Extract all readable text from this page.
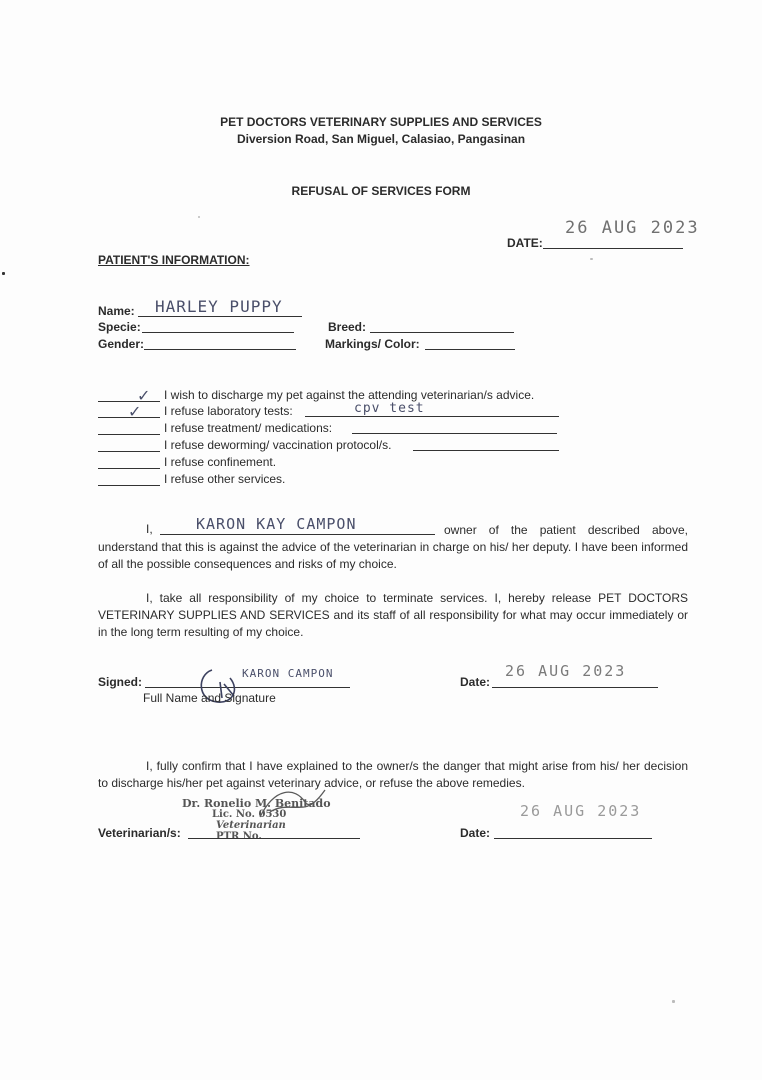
PET DOCTORS VETERINARY SUPPLIES AND SERVICES
Diversion Road, San Miguel, Calasiao, Pangasinan
REFUSAL OF SERVICES FORM
26 AUG 2023
DATE:
PATIENT'S INFORMATION:
Name: HARLEY PUPPY
Specie:	Breed:
Gender:	Markings/ Color:
✓ I wish to discharge my pet against the attending veterinarian/s advice.
✓ I refuse laboratory tests:	cpv test
I refuse treatment/ medications:
I refuse deworming/ vaccination protocol/s.
I refuse confinement.
I refuse other services.
I,	KARON KAY CAMPON	owner of the patient described above, understand that this is against the advice of the veterinarian in charge on his/ her deputy. I have been informed of all the possible consequences and risks of my choice.
I, take all responsibility of my choice to terminate services. I, hereby release PET DOCTORS VETERINARY SUPPLIES AND SERVICES and its staff of all responsibility for what may occur immediately or in the long term resulting of my choice.
Signed:
KARON CAMPON
Full Name and Signature
Date:
26 AUG 2023
I, fully confirm that I have explained to the owner/s the danger that might arise from his/ her decision to discharge his/her pet against veterinary advice, or refuse the above remedies.
Dr. Ronelio M. Benitado
Lic. No. 0530
Veterinarian
PTR No.
Veterinarian/s:	Date:
26 AUG 2023
